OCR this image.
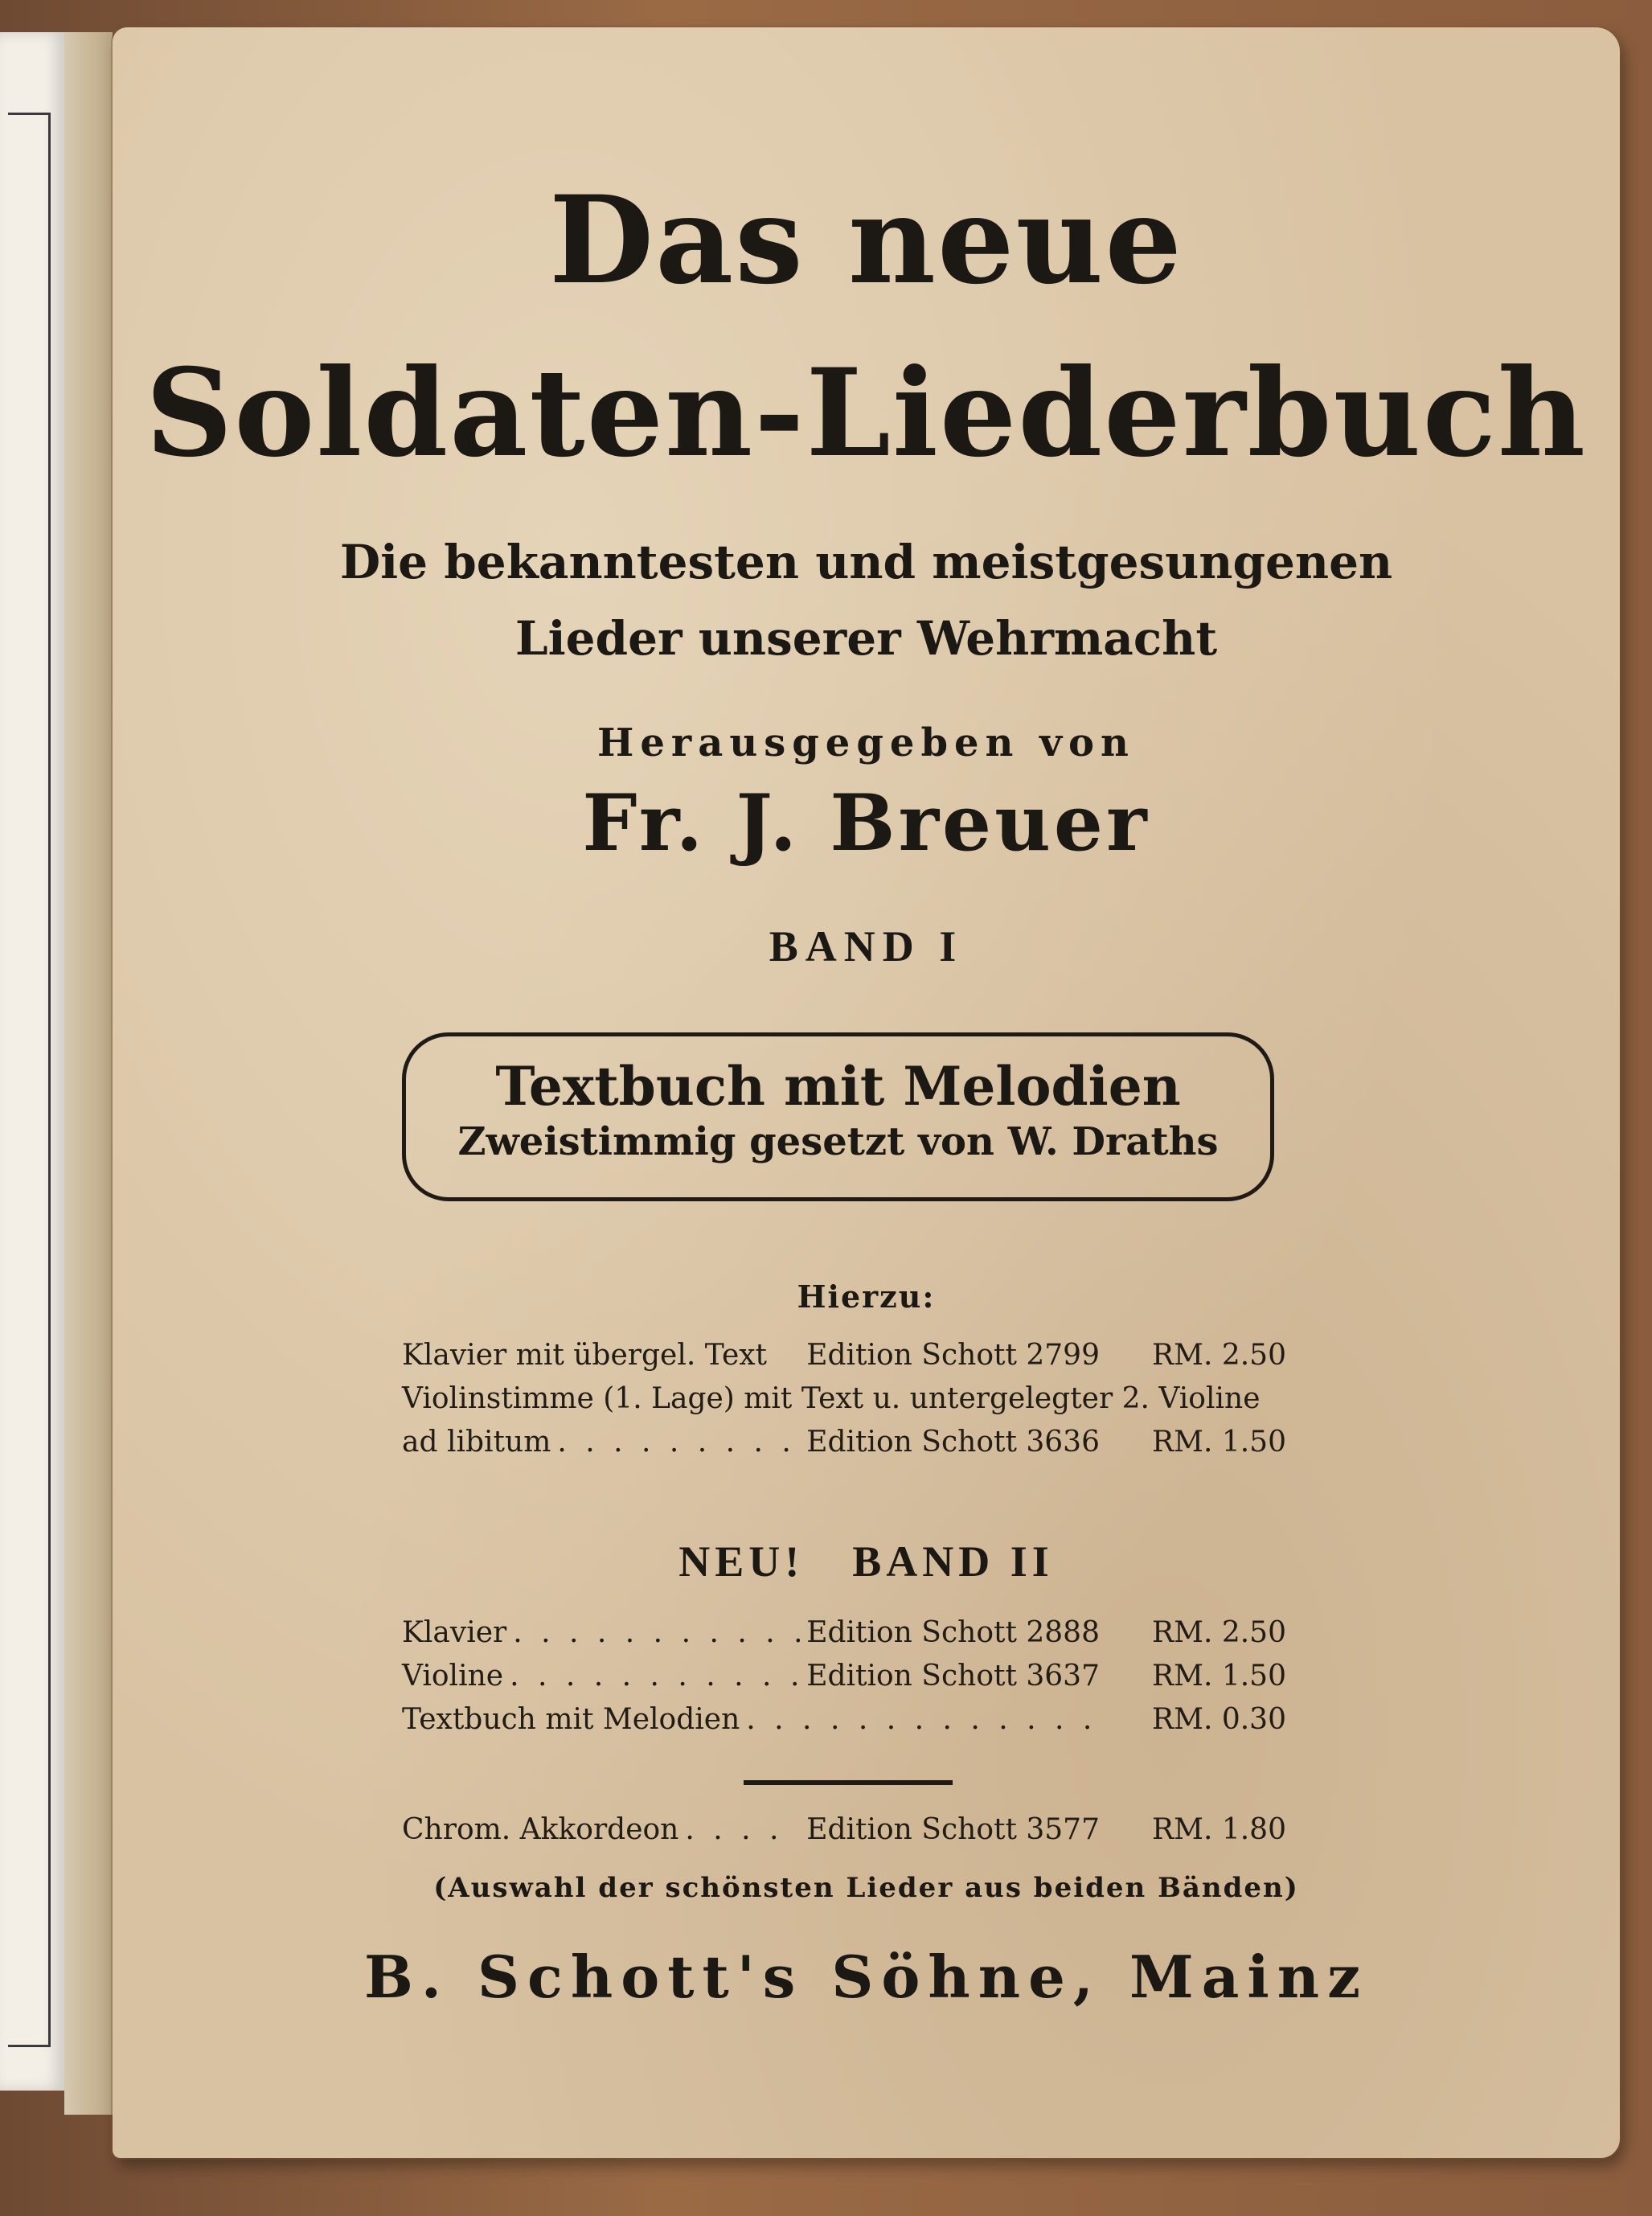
Das neue
Soldaten-Liederbuch
Die bekanntesten und meistgesungenen
Lieder unserer Wehrmacht
Herausgegeben von
Fr. J. Breuer
BAND I
Textbuch mit Melodien
Zweistimmig gesetzt von W. Draths
Hierzu:
Klavier mit übergel. Text Edition Schott 2799	RM. 2.50
Violinstimme (1. Lage) mit Text u. untergelegter 2. Violine
ad libitum . . .	Edition Schott 3636	RM. 1.50
NEU! BAND II
Klavier . . .	Edition Schott 2888	RM. 2.50
Violine . . .	Edition Schott 3637	RM. 1.50
Textbuch mit Melodien . . .	RM. 0.30
Chrom. Akkordeon . . .	Edition Schott 3577	RM. 1.80
(Auswahl der schönsten Lieder aus beiden Bänden)
B. Schott's Söhne, Mainz
